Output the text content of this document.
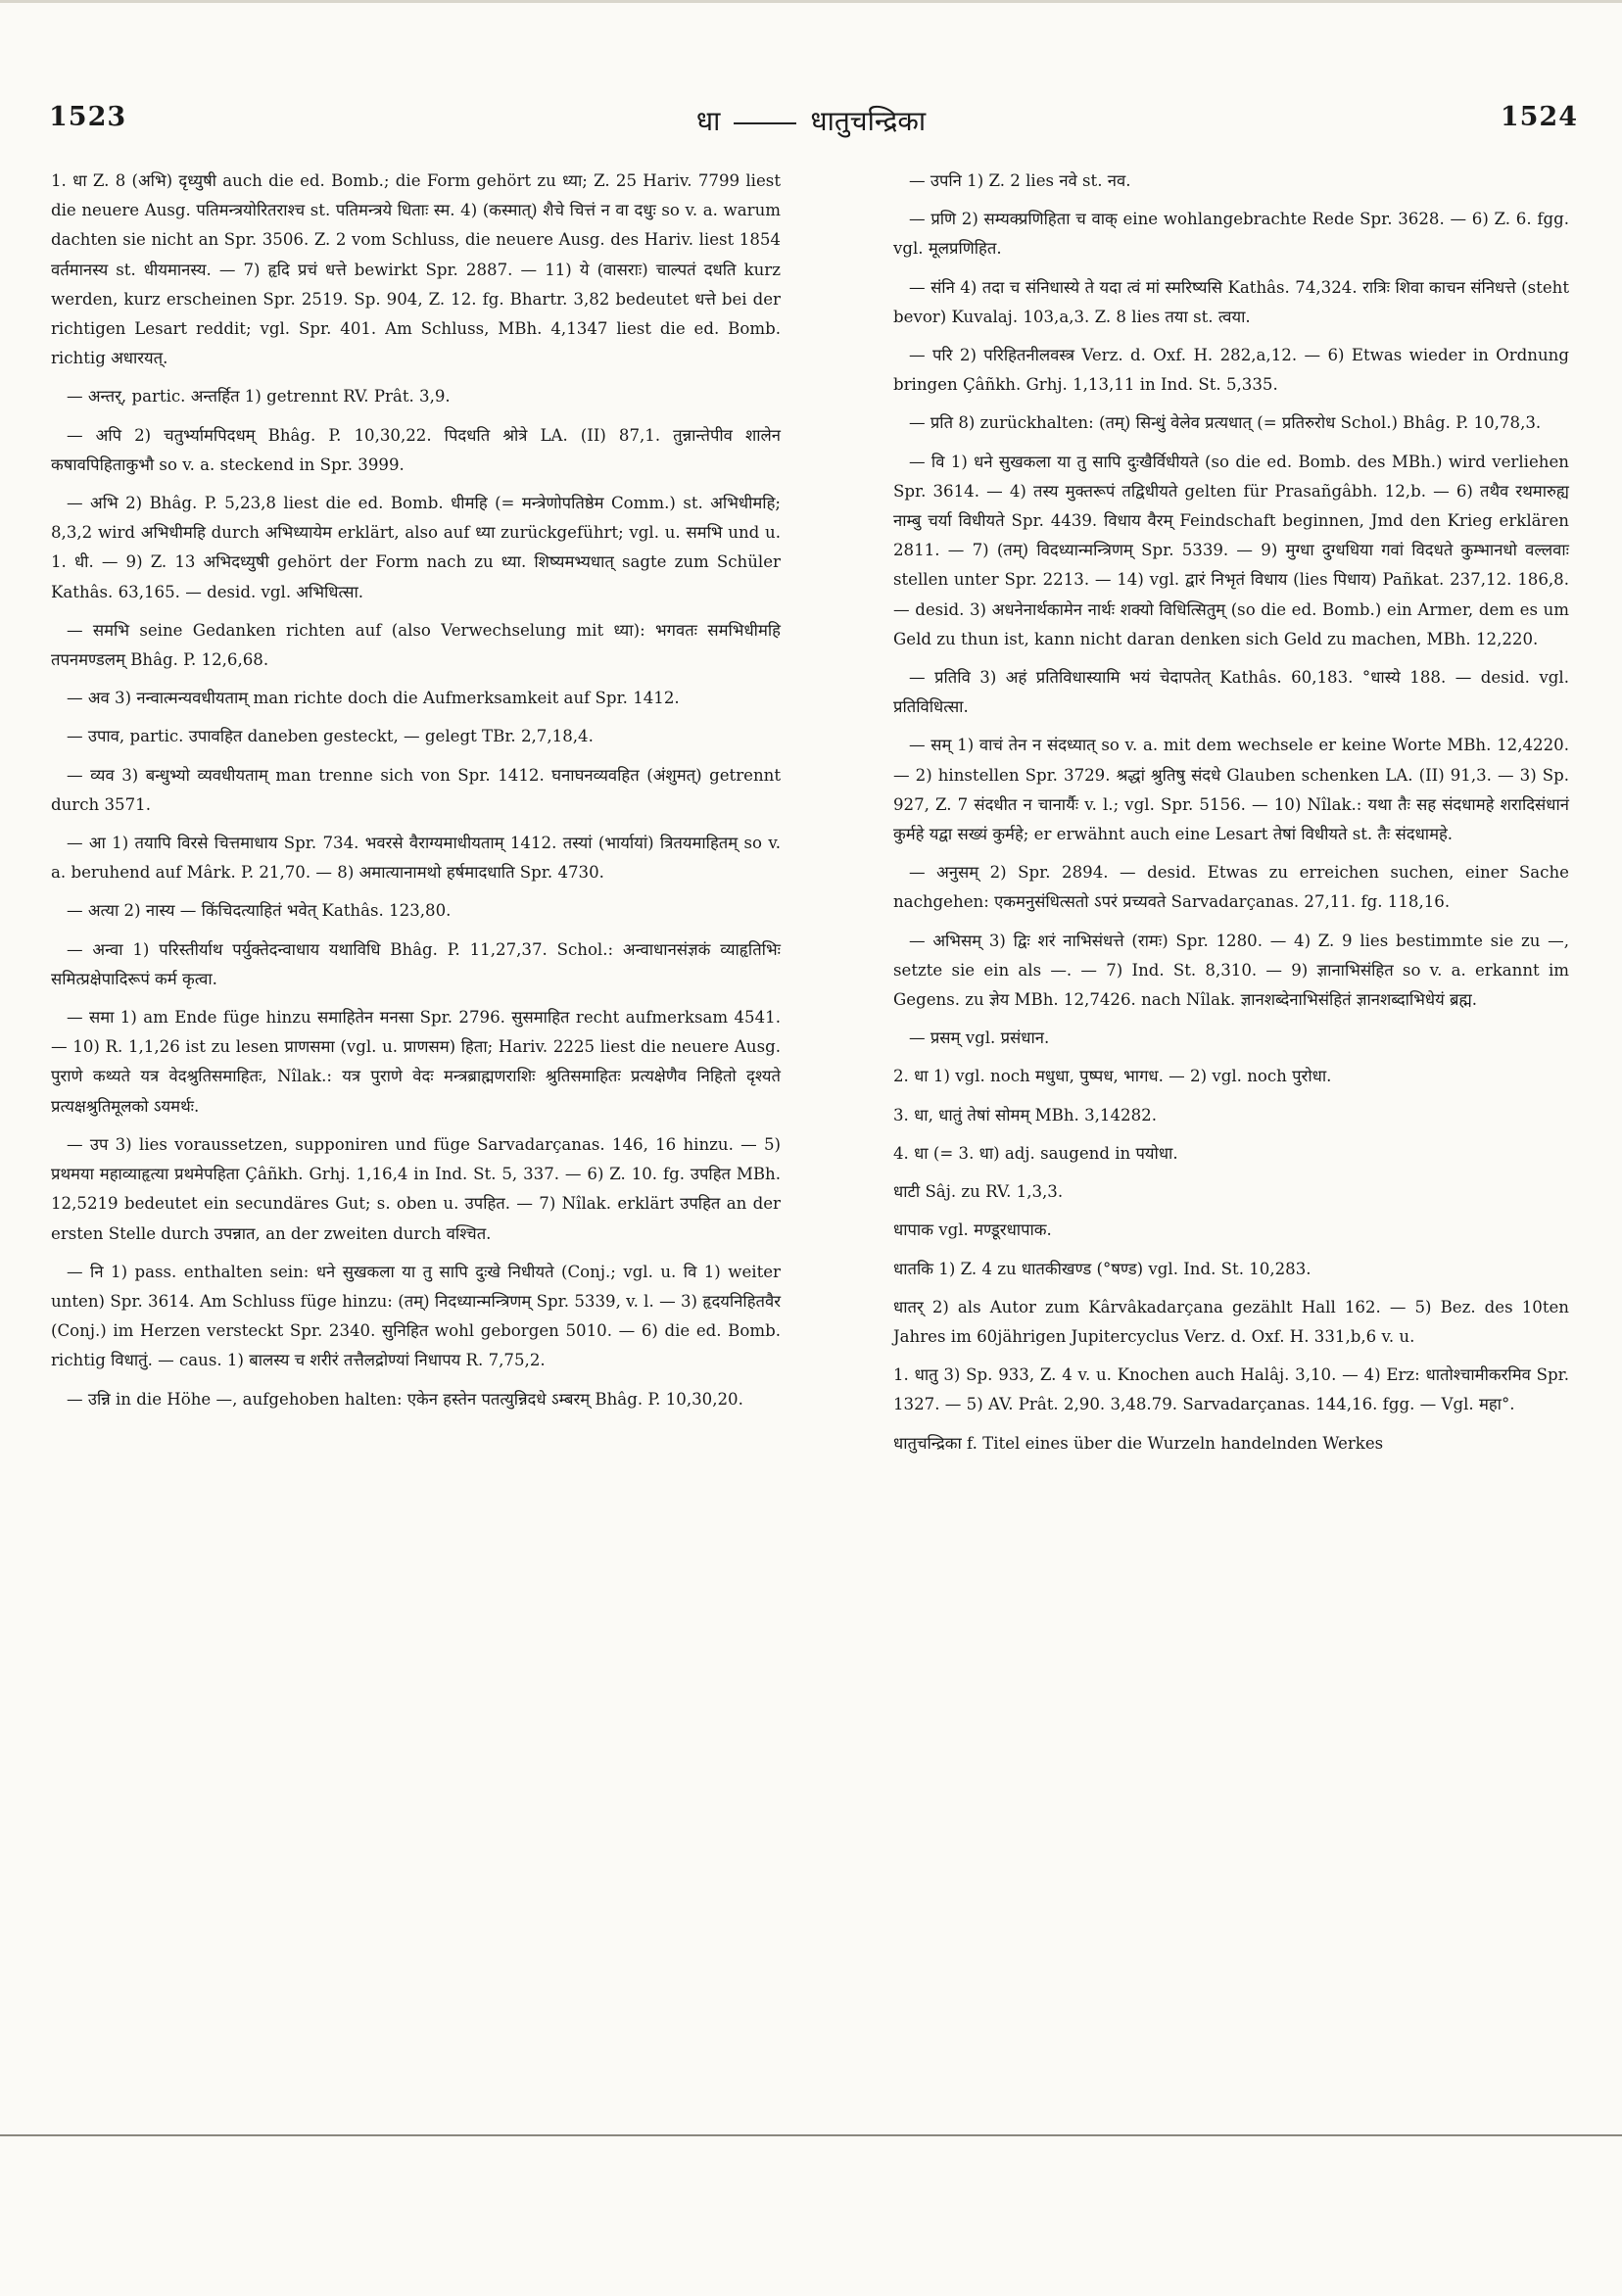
धा	धातुचन्द्रिका
1523	1524

1. धा Z. 8 (अभि) दृध्युषी auch die ed. Bomb.; die Form gehört zu ध्या; Z. 25 Hariv. 7799 liest die neuere Ausg. पतिमन्त्रयोरितराश्च st. पतिमन्त्रये धिताः स्म. 4) (कस्मात्) शैचे चित्तं न वा दधुः so v. a. warum dachten sie nicht an Spr. 3506. Z. 2 vom Schluss, die neuere Ausg. des Hariv. liest 1854 वर्तमानस्य st. धीयमानस्य. — 7) हृदि प्रचं धत्ते bewirkt Spr. 2887. — 11) ये (वासराः) चाल्पतं दधति kurz werden, kurz erscheinen Spr. 2519. Sp. 904, Z. 12. fg. Bhartr. 3,82 bedeutet धत्ते bei der richtigen Lesart reddit; vgl. Spr. 401. Am Schluss, MBh. 4,1347 liest die ed. Bomb. richtig अधारयत्.

— अन्तर्, partic. अन्तर्हित 1) getrennt RV. Prât. 3,9.

— अपि 2) चतुर्भ्यामपिदधम् Bhâg. P. 10,30,22. पिदधति श्रोत्रे LA. (II) 87,1. तुन्नान्तेपीव शालेन कषावपिहिताकुभौ so v. a. steckend in Spr. 3999.

— अभि 2) Bhâg. P. 5,23,8 liest die ed. Bomb. धीमहि (= मन्त्रेणोपतिष्ठेम Comm.) st. अभिधीमहि; 8,3,2 wird अभिधीमहि durch अभिध्यायेम erklärt, also auf ध्या zurückgeführt; vgl. u. समभि und u. 1. धी. — 9) Z. 13 अभिदध्युषी gehört der Form nach zu ध्या. शिष्यमभ्यधात् sagte zum Schüler Kathâs. 63,165. — desid. vgl. अभिधित्सा.

— समभि seine Gedanken richten auf (also Verwechselung mit ध्या): भगवतः समभिधीमहि तपनमण्डलम् Bhâg. P. 12,6,68.

— अव 3) नन्वात्मन्यवधीयताम् man richte doch die Aufmerksamkeit auf Spr. 1412.

— उपाव, partic. उपावहित daneben gesteckt, — gelegt TBr. 2,7,18,4.

— व्यव 3) बन्धुभ्यो व्यवधीयताम् man trenne sich von Spr. 1412. घनाघनव्यवहित (अंशुमत्) getrennt durch 3571.

— आ 1) तयापि विरसे चित्तमाधाय Spr. 734. भवरसे वैराग्यमाधीयताम् 1412. तस्यां (भार्यायां) त्रितयमाहितम् so v. a. beruhend auf Mârk. P. 21,70. — 8) अमात्यानामथो हर्षमादधाति Spr. 4730.

— अत्या 2) नास्य — किंचिदत्याहितं भवेत् Kathâs. 123,80.

— अन्वा 1) परिस्तीर्याथ पर्युक्तेदन्वाधाय यथाविधि Bhâg. P. 11,27,37. Schol.: अन्वाधानसंज्ञकं व्याहृतिभिः समित्प्रक्षेपादिरूपं कर्म कृत्वा.

— समा 1) am Ende füge hinzu समाहितेन मनसा Spr. 2796. सुसमाहित recht aufmerksam 4541. — 10) R. 1,1,26 ist zu lesen प्राणसमा (vgl. u. प्राणसम) हिता; Hariv. 2225 liest die neuere Ausg. पुराणे कथ्यते यत्र वेदश्रुतिसमाहितः, Nîlak.: यत्र पुराणे वेदः मन्त्रब्राह्मणराशिः श्रुतिसमाहितः प्रत्यक्षेणैव निहितो दृश्यते प्रत्यक्षश्रुतिमूलको ऽयमर्थः.

— उप 3) lies voraussetzen, supponiren und füge Sarvadarçanas. 146, 16 hinzu. — 5) प्रथमया महाव्याहृत्या प्रथमेपहिता Çâñkh. Grhj. 1,16,4 in Ind. St. 5, 337. — 6) Z. 10. fg. उपहित MBh. 12,5219 bedeutet ein secundäres Gut; s. oben u. उपहित. — 7) Nîlak. erklärt उपहित an der ersten Stelle durch उपन्नात, an der zweiten durch वश्चित.

— नि 1) pass. enthalten sein: धने सुखकला या तु सापि दुःखे निधीयते (Conj.; vgl. u. वि 1) weiter unten) Spr. 3614. Am Schluss füge hinzu: (तम्) निदध्यान्मन्त्रिणम् Spr. 5339, v. l. — 3) हृदयनिहितवैर (Conj.) im Herzen versteckt Spr. 2340. सुनिहित wohl geborgen 5010. — 6) die ed. Bomb. richtig विधातुं. — caus. 1) बालस्य च शरीरं तत्तैलद्रोण्यां निधापय R. 7,75,2.

— उन्नि in die Höhe —, aufgehoben halten: एकेन हस्तेन पतत्युन्निदधे ऽम्बरम् Bhâg. P. 10,30,20.

— उपनि 1) Z. 2 lies नवे st. नव.

— प्रणि 2) सम्यक्प्रणिहिता च वाक् eine wohlangebrachte Rede Spr. 3628. — 6) Z. 6. fgg. vgl. मूलप्रणिहित.

— संनि 4) तदा च संनिधास्ये ते यदा त्वं मां स्मरिष्यसि Kathâs. 74,324. रात्रिः शिवा काचन संनिधत्ते (steht bevor) Kuvalaj. 103,a,3. Z. 8 lies तया st. त्वया.

— परि 2) परिहितनीलवस्त्र Verz. d. Oxf. H. 282,a,12. — 6) Etwas wieder in Ordnung bringen Çâñkh. Grhj. 1,13,11 in Ind. St. 5,335.

— प्रति 8) zurückhalten: (तम्) सिन्धुं वेलेव प्रत्यधात् (= प्रतिरुरोध Schol.) Bhâg. P. 10,78,3.

— वि 1) धने सुखकला या तु सापि दुःखैर्विधीयते (so die ed. Bomb. des MBh.) wird verliehen Spr. 3614. — 4) तस्य मुक्तरूपं तद्विधीयते gelten für Prasañgâbh. 12,b. — 6) तथैव रथमारुह्य नाम्बु चर्या विधीयते Spr. 4439. विधाय वैरम् Feindschaft beginnen, Jmd den Krieg erklären 2811. — 7) (तम्) विदध्यान्मन्त्रिणम् Spr. 5339. — 9) मुग्धा दुग्धधिया गवां विदधते कुम्भानधो वल्लवाः stellen unter Spr. 2213. — 14) vgl. द्वारं निभृतं विधाय (lies पिधाय) Pañkat. 237,12. 186,8. — desid. 3) अधनेनार्थकामेन नार्थः शक्यो विधित्सितुम् (so die ed. Bomb.) ein Armer, dem es um Geld zu thun ist, kann nicht daran denken sich Geld zu machen, MBh. 12,220.

— प्रतिवि 3) अहं प्रतिविधास्यामि भयं चेदापतेत् Kathâs. 60,183. °धास्ये 188. — desid. vgl. प्रतिविधित्सा.

— सम् 1) वाचं तेन न संदध्यात् so v. a. mit dem wechsele er keine Worte MBh. 12,4220. — 2) hinstellen Spr. 3729. श्रद्धां श्रुतिषु संदधे Glauben schenken LA. (II) 91,3. — 3) Sp. 927, Z. 7 संदधीत न चानार्यैः v. l.; vgl. Spr. 5156. — 10) Nîlak.: यथा तैः सह संदधामहे शरादिसंधानं कुर्महे यद्वा सख्यं कुर्महे; er erwähnt auch eine Lesart तेषां विधीयते st. तैः संदधामहे.

— अनुसम् 2) Spr. 2894. — desid. Etwas zu erreichen suchen, einer Sache nachgehen: एकमनुसंधित्सतो ऽपरं प्रच्यवते Sarvadarçanas. 27,11. fg. 118,16.

— अभिसम् 3) द्विः शरं नाभिसंधत्ते (रामः) Spr. 1280. — 4) Z. 9 lies bestimmte sie zu —, setzte sie ein als —. — 7) Ind. St. 8,310. — 9) ज्ञानाभिसंहित so v. a. erkannt im Gegens. zu ज्ञेय MBh. 12,7426. nach Nîlak. ज्ञानशब्देनाभिसंहितं ज्ञानशब्दाभिधेयं ब्रह्म.

— प्रसम् vgl. प्रसंधान.

2. धा 1) vgl. noch मधुधा, पुष्पध, भागध. — 2) vgl. noch पुरोधा.

3. धा, धातुं तेषां सोमम् MBh. 3,14282.

4. धा (= 3. धा) adj. saugend in पयोधा.

धाटी Sâj. zu RV. 1,3,3.

धापाक vgl. मण्डूरधापाक.

धातकि 1) Z. 4 zu धातकीखण्ड (°षण्ड) vgl. Ind. St. 10,283.

धातर् 2) als Autor zum Kârvâkadarçana gezählt Hall 162. — 5) Bez. des 10ten Jahres im 60jährigen Jupitercyclus Verz. d. Oxf. H. 331,b,6 v. u.

1. धातु 3) Sp. 933, Z. 4 v. u. Knochen auch Halâj. 3,10. — 4) Erz: धातोश्चामीकरमिव Spr. 1327. — 5) AV. Prât. 2,90. 3,48.79. Sarvadarçanas. 144,16. fgg. — Vgl. महा°.

धातुचन्द्रिका f. Titel eines über die Wurzeln handelnden Werkes
